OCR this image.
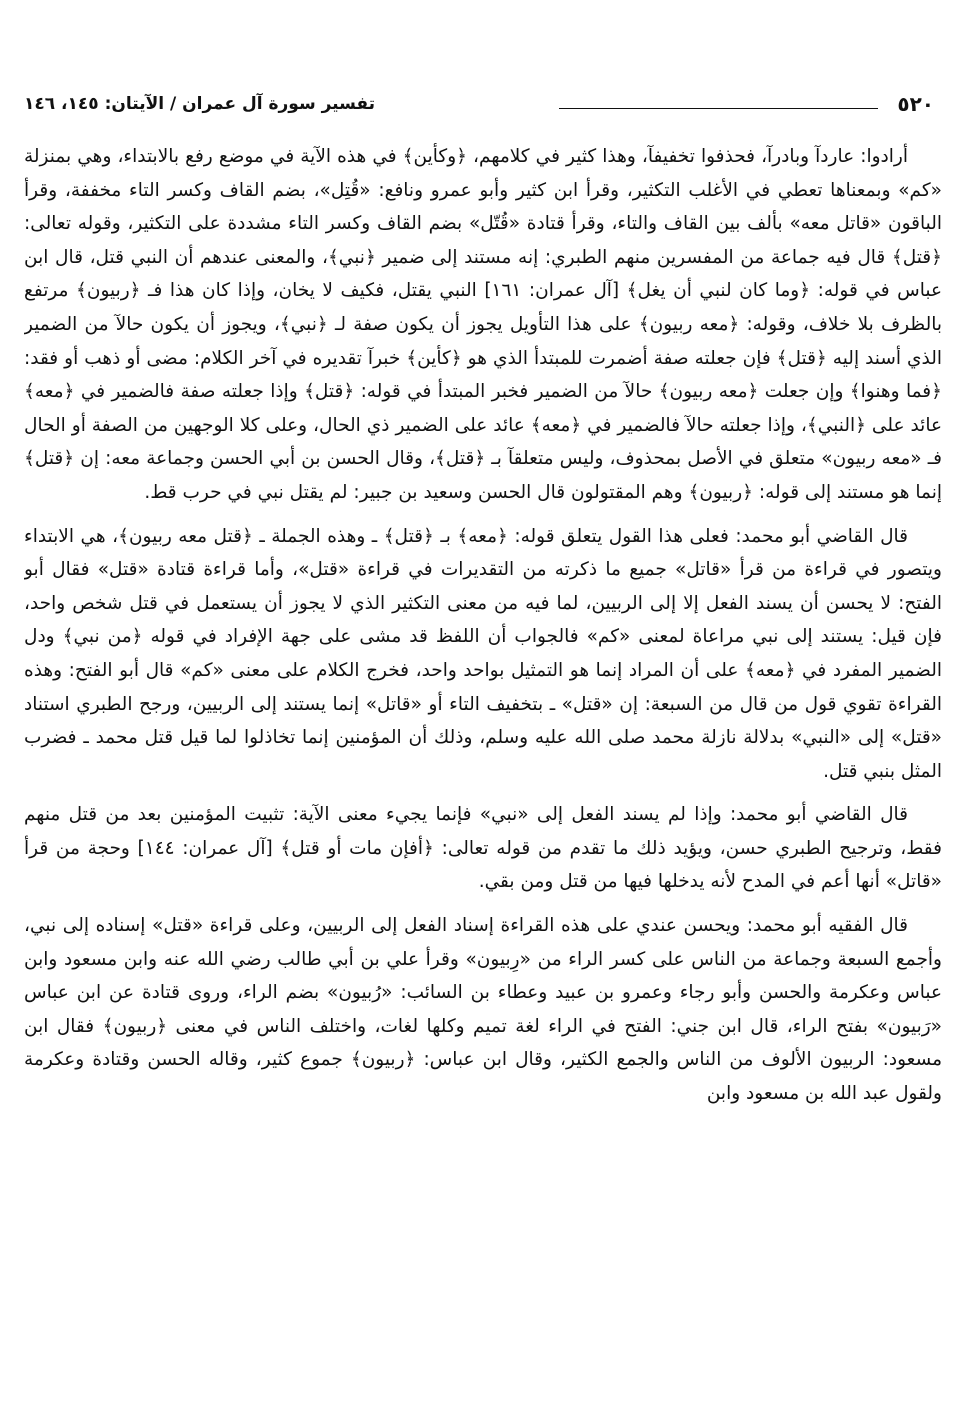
٥٢٠
تفسير سورة آل عمران / الآيتان: ١٤٥، ١٤٦

أرادوا: عاردآ وبادرآ، فحذفوا تخفيفآ، وهذا كثير في كلامهم، ﴿وكأين﴾ في هذه الآية في موضع رفع بالابتداء، وهي بمنزلة «كم» وبمعناها تعطي في الأغلب التكثير، وقرأ ابن كثير وأبو عمرو ونافع: «قُتِل»، بضم القاف وكسر التاء مخففة، وقرأ الباقون «قاتل معه» بألف بين القاف والتاء، وقرأ قتادة «قُتّل» بضم القاف وكسر التاء مشددة على التكثير، وقوله تعالى: ﴿قتل﴾ قال فيه جماعة من المفسرين منهم الطبري: إنه مستند إلى ضمير ﴿نبي﴾، والمعنى عندهم أن النبي قتل، قال ابن عباس في قوله: ﴿وما كان لنبي أن يغل﴾ [آل عمران: ١٦١] النبي يقتل، فكيف لا يخان، وإذا كان هذا فـ ﴿ربيون﴾ مرتفع بالظرف بلا خلاف، وقوله: ﴿معه ربيون﴾ على هذا التأويل يجوز أن يكون صفة لـ ﴿نبي﴾، ويجوز أن يكون حالآ من الضمير الذي أسند إليه ﴿قتل﴾ فإن جعلته صفة أضمرت للمبتدأ الذي هو ﴿كأين﴾ خبرآ تقديره في آخر الكلام: مضى أو ذهب أو فقد: ﴿فما وهنوا﴾ وإن جعلت ﴿معه ربيون﴾ حالآ من الضمير فخبر المبتدأ في قوله: ﴿قتل﴾ وإذا جعلته صفة فالضمير في ﴿معه﴾ عائد على ﴿النبي﴾، وإذا جعلته حالآ فالضمير في ﴿معه﴾ عائد على الضمير ذي الحال، وعلى كلا الوجهين من الصفة أو الحال فـ «معه ربيون» متعلق في الأصل بمحذوف، وليس متعلقآ بـ ﴿قتل﴾، وقال الحسن بن أبي الحسن وجماعة معه: إن ﴿قتل﴾ إنما هو مستند إلى قوله: ﴿ربيون﴾ وهم المقتولون قال الحسن وسعيد بن جبير: لم يقتل نبي في حرب قط.

قال القاضي أبو محمد: فعلى هذا القول يتعلق قوله: ﴿معه﴾ بـ ﴿قتل﴾ ـ وهذه الجملة ـ ﴿قتل معه ربيون﴾، هي الابتداء ويتصور في قراءة من قرأ «قاتل» جميع ما ذكرته من التقديرات في قراءة «قتل»، وأما قراءة قتادة «قتل» فقال أبو الفتح: لا يحسن أن يسند الفعل إلا إلى الربيين، لما فيه من معنى التكثير الذي لا يجوز أن يستعمل في قتل شخص واحد، فإن قيل: يستند إلى نبي مراعاة لمعنى «كم» فالجواب أن اللفظ قد مشى على جهة الإفراد في قوله ﴿من نبي﴾ ودل الضمير المفرد في ﴿معه﴾ على أن المراد إنما هو التمثيل بواحد واحد، فخرج الكلام على معنى «كم» قال أبو الفتح: وهذه القراءة تقوي قول من قال من السبعة: إن «قتل» ـ بتخفيف التاء أو «قاتل» إنما يستند إلى الربيين، ورجح الطبري استناد «قتل» إلى «النبي» بدلالة نازلة محمد صلى الله عليه وسلم، وذلك أن المؤمنين إنما تخاذلوا لما قيل قتل محمد ـ فضرب المثل بنبي قتل.

قال القاضي أبو محمد: وإذا لم يسند الفعل إلى «نبي» فإنما يجيء معنى الآية: تثبيت المؤمنين بعد من قتل منهم فقط، وترجيح الطبري حسن، ويؤيد ذلك ما تقدم من قوله تعالى: ﴿أفإن مات أو قتل﴾ [آل عمران: ١٤٤] وحجة من قرأ «قاتل» أنها أعم في المدح لأنه يدخلها فيها من قتل ومن بقي.

قال الفقيه أبو محمد: ويحسن عندي على هذه القراءة إسناد الفعل إلى الربيين، وعلى قراءة «قتل» إسناده إلى نبي، وأجمع السبعة وجماعة من الناس على كسر الراء من «رِبيون» وقرأ علي بن أبي طالب رضي الله عنه وابن مسعود وابن عباس وعكرمة والحسن وأبو رجاء وعمرو بن عبيد وعطاء بن السائب: «رُبيون» بضم الراء، وروى قتادة عن ابن عباس «رَبيون» بفتح الراء، قال ابن جني: الفتح في الراء لغة تميم وكلها لغات، واختلف الناس في معنى ﴿ربيون﴾ فقال ابن مسعود: الربيون الألوف من الناس والجمع الكثير، وقال ابن عباس: ﴿ربيون﴾ جموع كثير، وقاله الحسن وقتادة وعكرمة ولقول عبد الله بن مسعود وابن
